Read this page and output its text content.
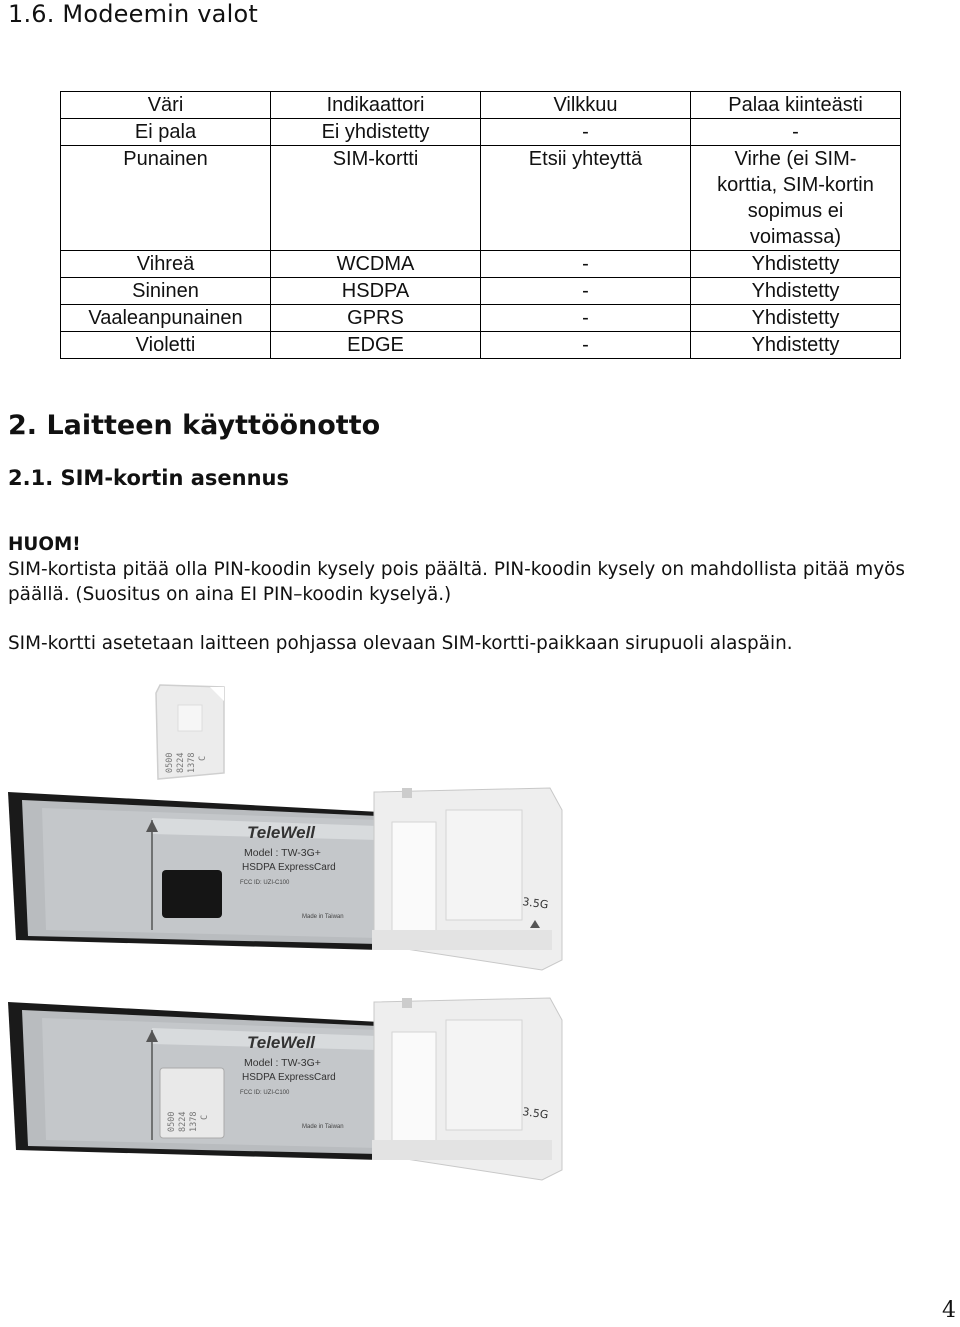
1.6. Modeemin valot
Väri	Indikaattori	Vilkkuu	Palaa kiinteästi
Ei pala	Ei yhdistetty	-	-
Punainen	SIM-kortti	Etsii yhteyttä	Virhe (ei SIM-
korttia, SIM-kortin
sopimus ei
voimassa)
Vihreä	WCDMA	-	Yhdistetty
Sininen	HSDPA	-	Yhdistetty
Vaaleanpunainen	GPRS	-	Yhdistetty
Violetti	EDGE	-	Yhdistetty
2. Laitteen käyttöönotto
2.1. SIM-kortin asennus

HUOM!

SIM-kortista pitää olla PIN-koodin kysely pois päältä. PIN-koodin kysely on mahdollista pitää myös päällä. (Suositus on aina EI PIN–koodin kyselyä.)

SIM-kortti asetetaan laitteen pohjassa olevaan SIM-kortti-paikkaan sirupuoli alaspäin.

0500 8224 1378 C
TeleWell
Model : TW-3G+
HSDPA ExpressCard
FCC ID: UZI-C100
Made in Taiwan
3.5G
0500 8224 1378 C
TeleWell
Model : TW-3G+
HSDPA ExpressCard
FCC ID: UZI-C100
Made in Taiwan
3.5G
4
